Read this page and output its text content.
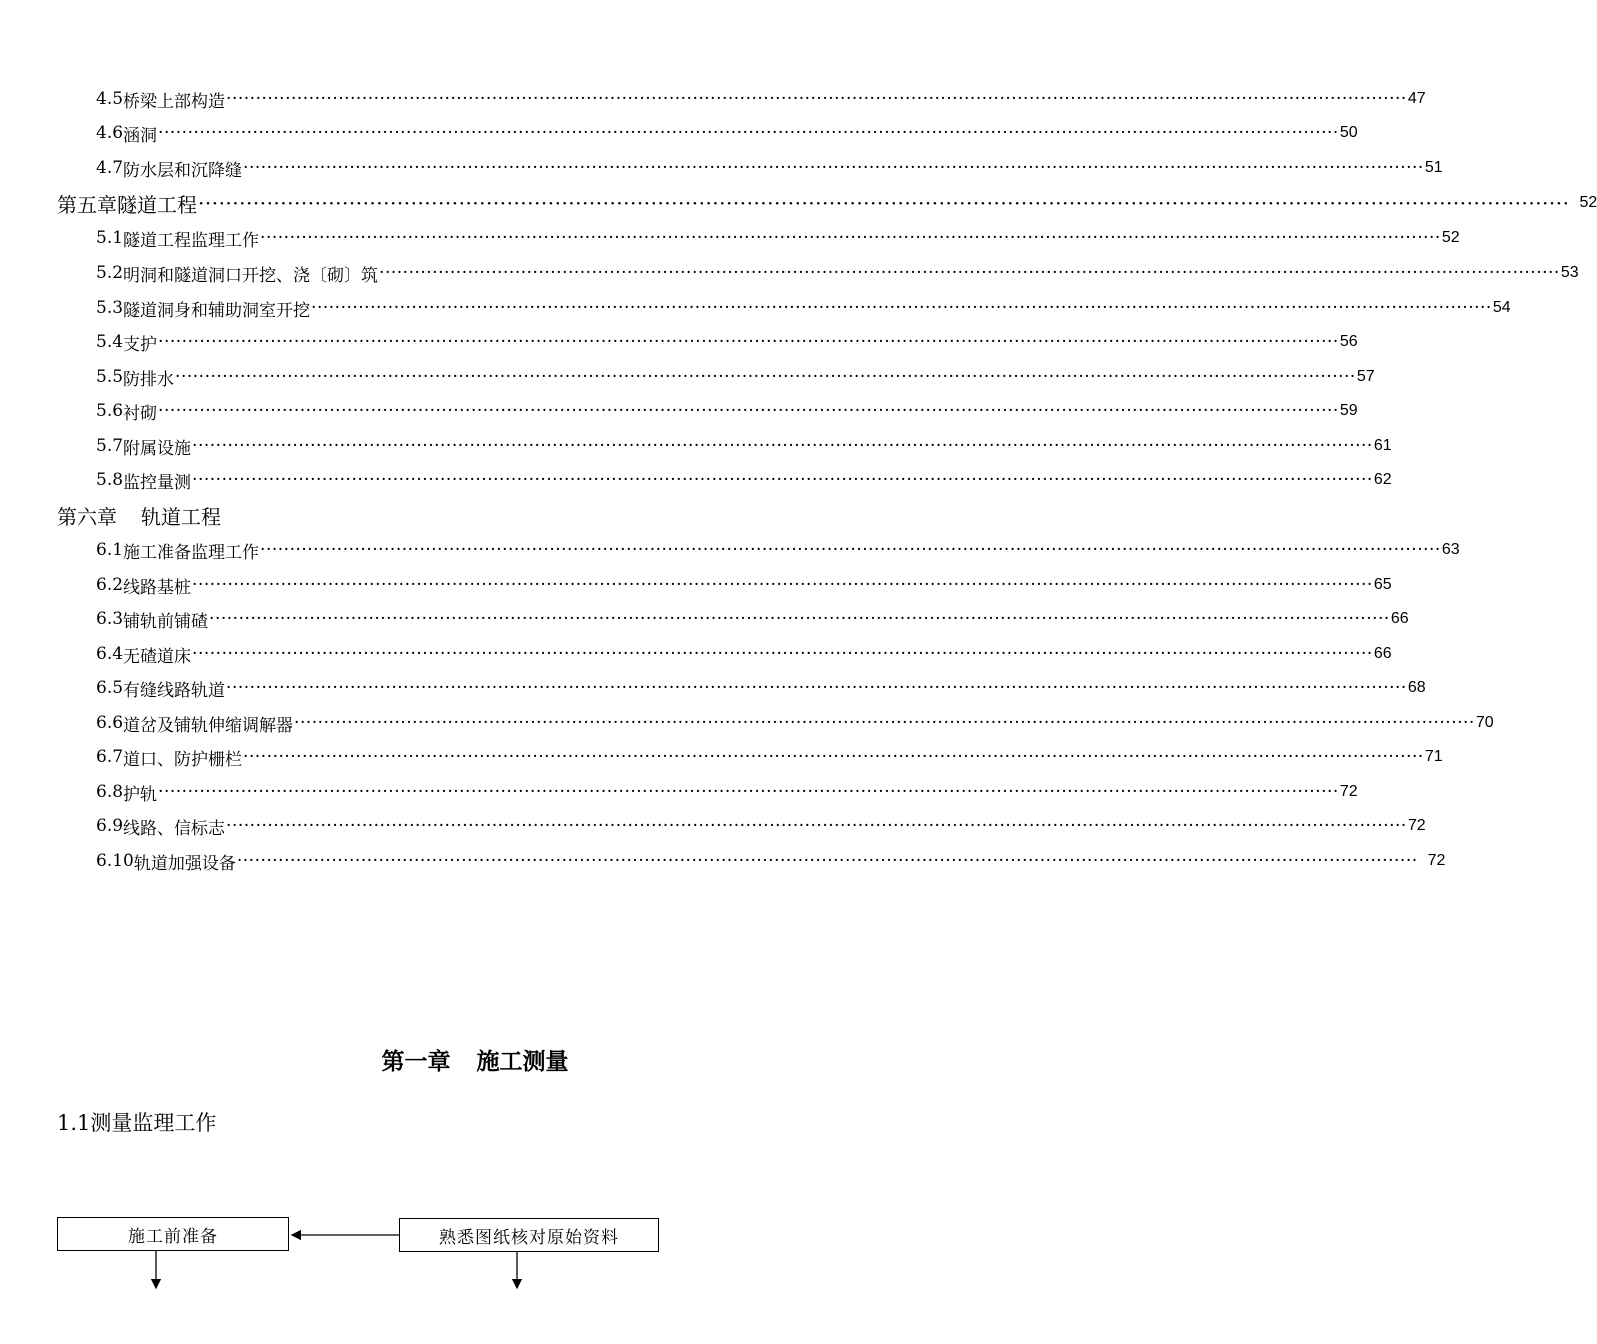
4.5 桥梁上部构造 ········································································································································································································ 47
4.6 涵洞 ········································································································································································································ 50
4.7 防水层和沉降缝 ········································································································································································································ 51
第五章 隧道工程 ········································································································································································································ 52
5.1 隧道工程监理工作 ········································································································································································································ 52
5.2 明洞和隧道洞口开挖、浇〔砌〕筑 ········································································································································································································ 53
5.3 隧道洞身和辅助洞室开挖 ········································································································································································································ 54
5.4 支护 ········································································································································································································ 56
5.5 防排水 ········································································································································································································ 57
5.6 衬砌 ········································································································································································································ 59
5.7 附属设施 ········································································································································································································ 61
5.8 监控量测 ········································································································································································································ 62
第六章 轨道工程
6.1 施工准备监理工作 ········································································································································································································ 63
6.2 线路基桩 ········································································································································································································ 65
6.3 铺轨前铺碴 ········································································································································································································ 66
6.4 无碴道床 ········································································································································································································ 66
6.5 有缝线路轨道 ········································································································································································································ 68
6.6 道岔及铺轨伸缩调解器 ········································································································································································································ 70
6.7 道口、防护栅栏 ········································································································································································································ 71
6.8 护轨 ········································································································································································································ 72
6.9 线路、信标志 ········································································································································································································ 72
6.10 轨道加强设备 ········································································································································································································ 72
第一章 施工测量
1.1测量监理工作
施工前准备	熟悉图纸核对原始资料
